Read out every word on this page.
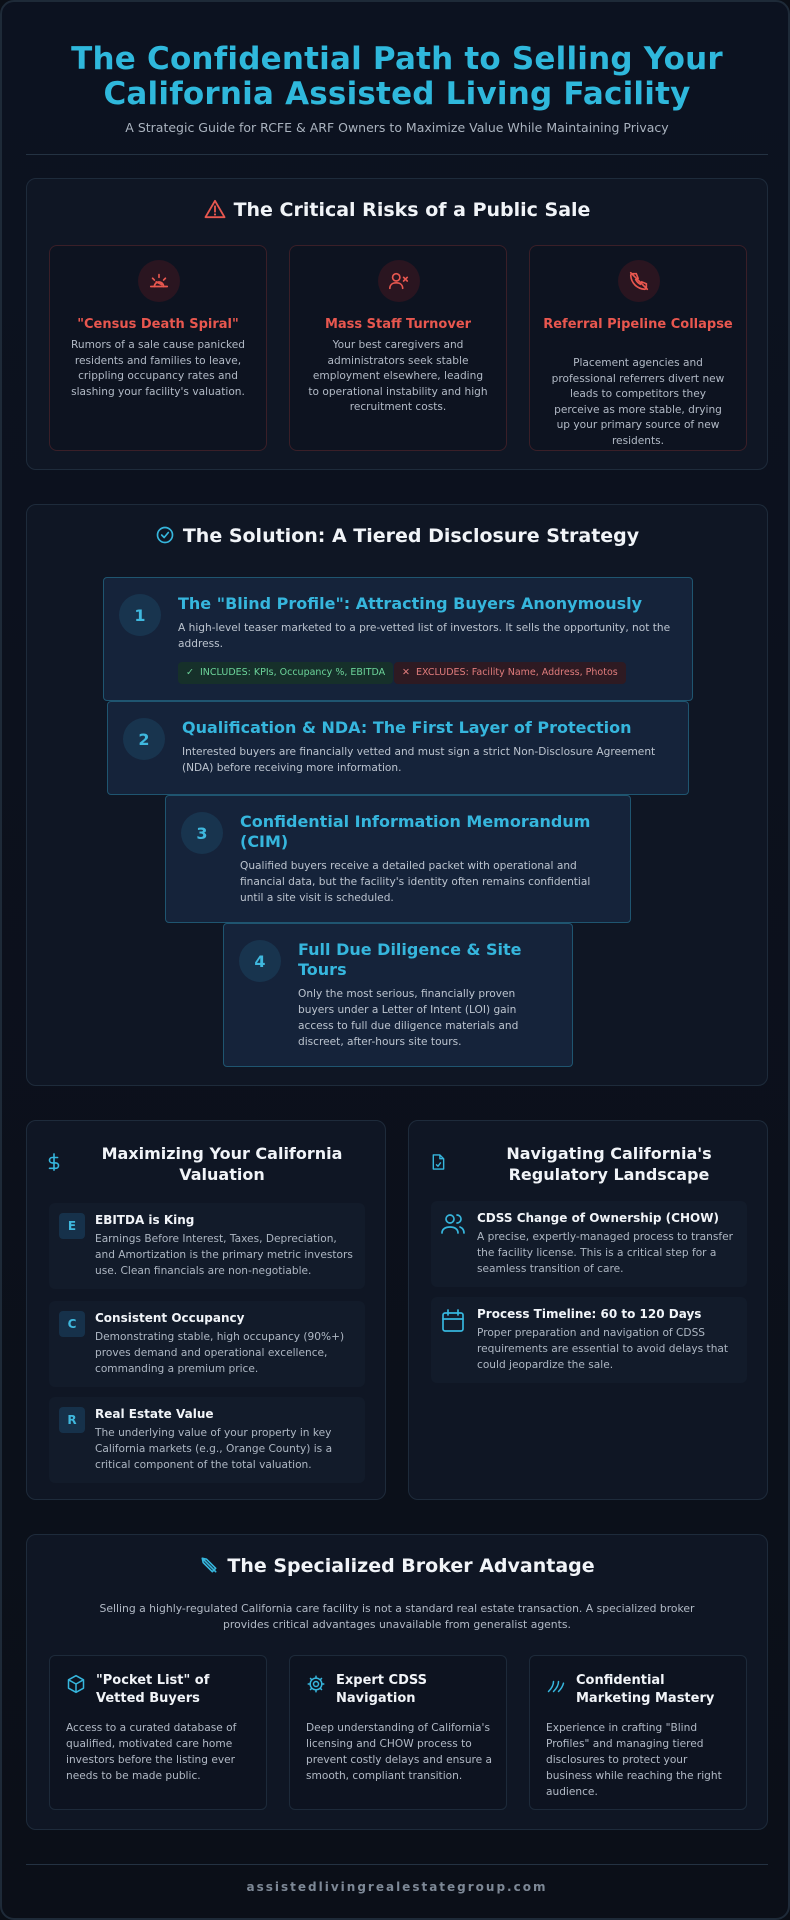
The Confidential Path to Selling Your
California Assisted Living Facility
A Strategic Guide for RCFE & ARF Owners to Maximize Value While Maintaining Privacy
The Critical Risks of a Public Sale
"Census Death Spiral"
Rumors of a sale cause panicked residents and families to leave, crippling occupancy rates and slashing your facility's valuation.
Mass Staff Turnover
Your best caregivers and administrators seek stable employment elsewhere, leading to operational instability and high recruitment costs.
Referral Pipeline Collapse
Placement agencies and professional referrers divert new leads to competitors they perceive as more stable, drying up your primary source of new residents.
The Solution: A Tiered Disclosure Strategy
1
The "Blind Profile": Attracting Buyers Anonymously
A high-level teaser marketed to a pre-vetted list of investors. It sells the opportunity, not the address.
✓  INCLUDES: KPIs, Occupancy %, EBITDA	✕  EXCLUDES: Facility Name, Address, Photos
2
Qualification & NDA: The First Layer of Protection
Interested buyers are financially vetted and must sign a strict Non-Disclosure Agreement (NDA) before receiving more information.
3
Confidential Information Memorandum (CIM)
Qualified buyers receive a detailed packet with operational and financial data, but the facility's identity often remains confidential until a site visit is scheduled.
4
Full Due Diligence & Site Tours
Only the most serious, financially proven buyers under a Letter of Intent (LOI) gain access to full due diligence materials and discreet, after-hours site tours.
Maximizing Your California Valuation
E	EBITDA is King
Earnings Before Interest, Taxes, Depreciation, and Amortization is the primary metric investors use. Clean financials are non-negotiable.
C	Consistent Occupancy
Demonstrating stable, high occupancy (90%+) proves demand and operational excellence, commanding a premium price.
R	Real Estate Value
The underlying value of your property in key California markets (e.g., Orange County) is a critical component of the total valuation.
Navigating California's Regulatory Landscape
CDSS Change of Ownership (CHOW)
A precise, expertly-managed process to transfer the facility license. This is a critical step for a seamless transition of care.
Process Timeline: 60 to 120 Days
Proper preparation and navigation of CDSS requirements are essential to avoid delays that could jeopardize the sale.
The Specialized Broker Advantage
Selling a highly-regulated California care facility is not a standard real estate transaction. A specialized broker provides critical advantages unavailable from generalist agents.
"Pocket List" of Vetted Buyers
Access to a curated database of qualified, motivated care home investors before the listing ever needs to be made public.
Expert CDSS Navigation
Deep understanding of California's licensing and CHOW process to prevent costly delays and ensure a smooth, compliant transition.
Confidential Marketing Mastery
Experience in crafting "Blind Profiles" and managing tiered disclosures to protect your business while reaching the right audience.
assistedlivingrealestategroup.com
